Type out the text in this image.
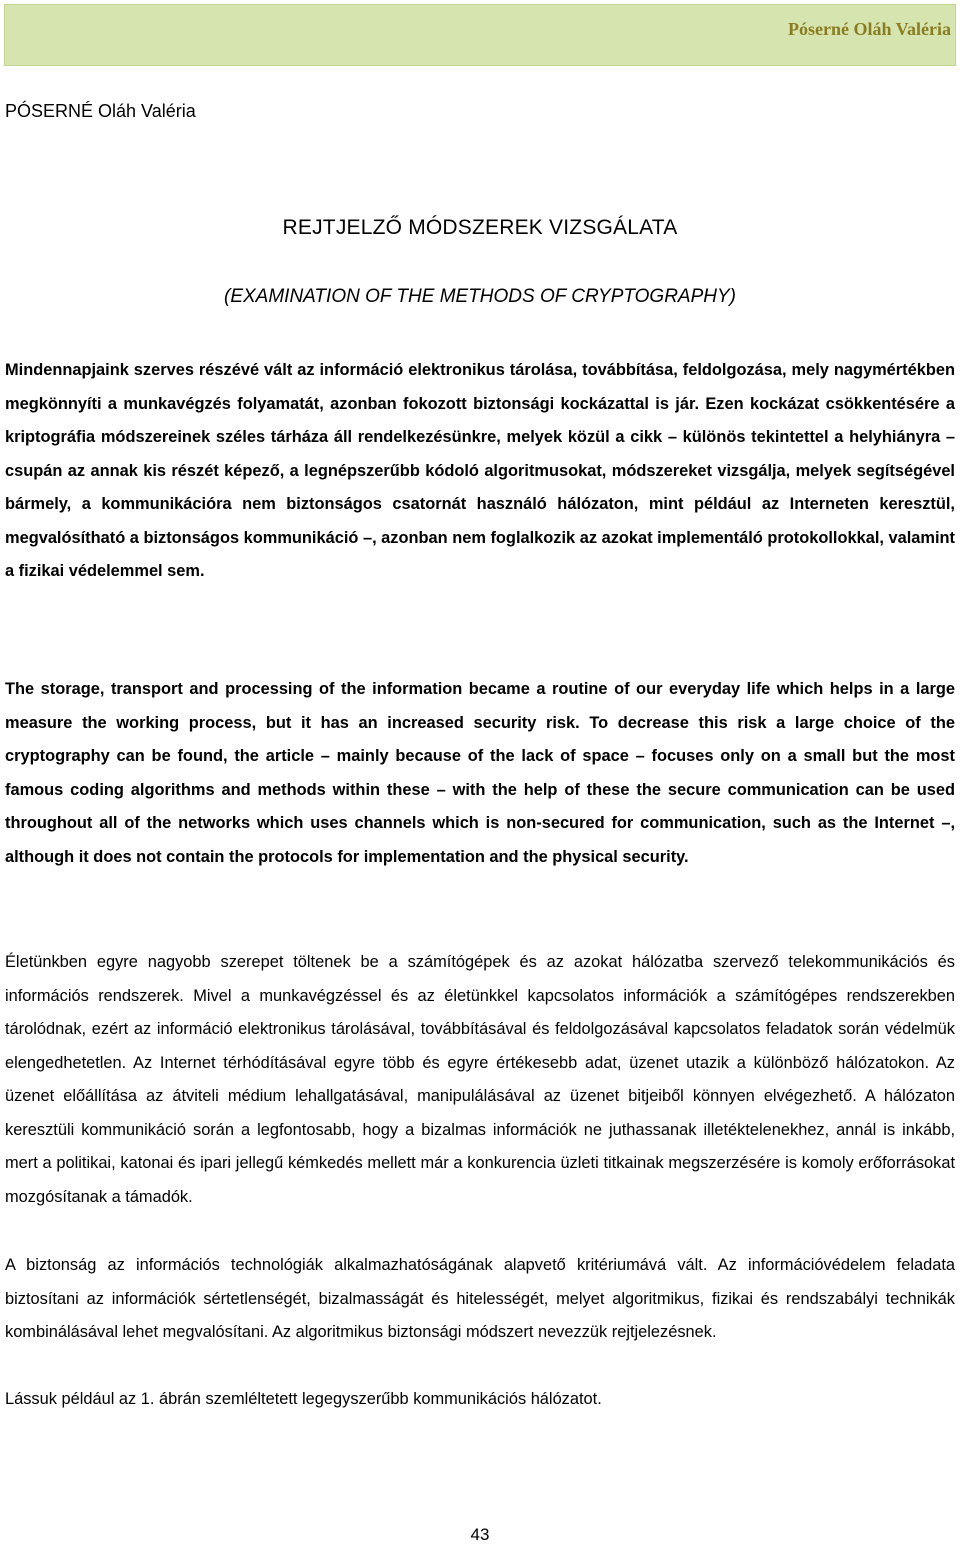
Póserné Oláh Valéria
PÓSERNÉ Oláh Valéria
REJTJELZŐ MÓDSZEREK VIZSGÁLATA
(EXAMINATION OF THE METHODS OF CRYPTOGRAPHY)

Mindennapjaink szerves részévé vált az információ elektronikus tárolása, továbbítása, feldolgozása, mely nagymértékben megkönnyíti a munkavégzés folyamatát, azonban fokozott biztonsági kockázattal is jár. Ezen kockázat csökkentésére a kriptográfia módszereinek széles tárháza áll rendelkezésünkre, melyek közül a cikk – különös tekintettel a helyhiányra – csupán az annak kis részét képező, a legnépszerűbb kódoló algoritmusokat, módszereket vizsgálja, melyek segítségével bármely, a kommunikációra nem biztonságos csatornát használó hálózaton, mint például az Interneten keresztül, megvalósítható a biztonságos kommunikáció –, azonban nem foglalkozik az azokat implementáló protokollokkal, valamint a fizikai védelemmel sem.

The storage, transport and processing of the information became a routine of our everyday life which helps in a large measure the working process, but it has an increased security risk. To decrease this risk a large choice of the cryptography can be found, the article – mainly because of the lack of space – focuses only on a small but the most famous coding algorithms and methods within these – with the help of these the secure communication can be used throughout all of the networks which uses channels which is non-secured for communication, such as the Internet –, although it does not contain the protocols for implementation and the physical security.

Életünkben egyre nagyobb szerepet töltenek be a számítógépek és az azokat hálózatba szervező telekommunikációs és információs rendszerek. Mivel a munkavégzéssel és az életünkkel kapcsolatos információk a számítógépes rendszerekben tárolódnak, ezért az információ elektronikus tárolásával, továbbításával és feldolgozásával kapcsolatos feladatok során védelmük elengedhetetlen. Az Internet térhódításával egyre több és egyre értékesebb adat, üzenet utazik a különböző hálózatokon. Az üzenet előállítása az átviteli médium lehallgatásával, manipulálásával az üzenet bitjeiből könnyen elvégezhető. A hálózaton keresztüli kommunikáció során a legfontosabb, hogy a bizalmas információk ne juthassanak illetéktelenekhez, annál is inkább, mert a politikai, katonai és ipari jellegű kémkedés mellett már a konkurencia üzleti titkainak megszerzésére is komoly erőforrásokat mozgósítanak a támadók.

A biztonság az információs technológiák alkalmazhatóságának alapvető kritériumává vált. Az információvédelem feladata biztosítani az információk sértetlenségét, bizalmasságát és hitelességét, melyet algoritmikus, fizikai és rendszabályi technikák kombinálásával lehet megvalósítani. Az algoritmikus biztonsági módszert nevezzük rejtjelezésnek.

Lássuk például az 1. ábrán szemléltetett legegyszerűbb kommunikációs hálózatot.

43
